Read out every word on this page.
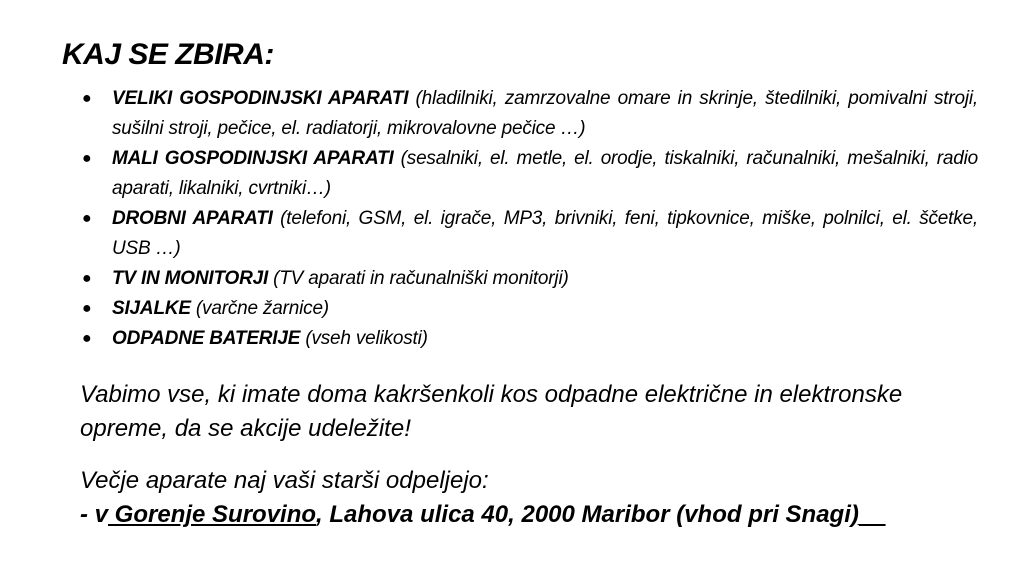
KAJ SE ZBIRA:
● VELIKI GOSPODINJSKI APARATI (hladilniki, zamrzovalne omare in skrinje, štedilniki, pomivalni stroji, sušilni stroji, pečice, el. radiatorji, mikrovalovne pečice …)
● MALI GOSPODINJSKI APARATI (sesalniki, el. metle, el. orodje, tiskalniki, računalniki, mešalniki, radio aparati, likalniki, cvrtniki…)
● DROBNI APARATI (telefoni, GSM, el. igrače, MP3, brivniki, feni, tipkovnice, miške, polnilci, el. ščetke, USB …)
● TV IN MONITORJI (TV aparati in računalniški monitorji)
● SIJALKE (varčne žarnice)
● ODPADNE BATERIJE (vseh velikosti)

Vabimo vse, ki imate doma kakršenkoli kos odpadne električne in elektronske opreme, da se akcije udeležite!

Večje aparate naj vaši starši odpeljejo:
- v Gorenje Surovino, Lahova ulica 40, 2000 Maribor (vhod pri Snagi)__
